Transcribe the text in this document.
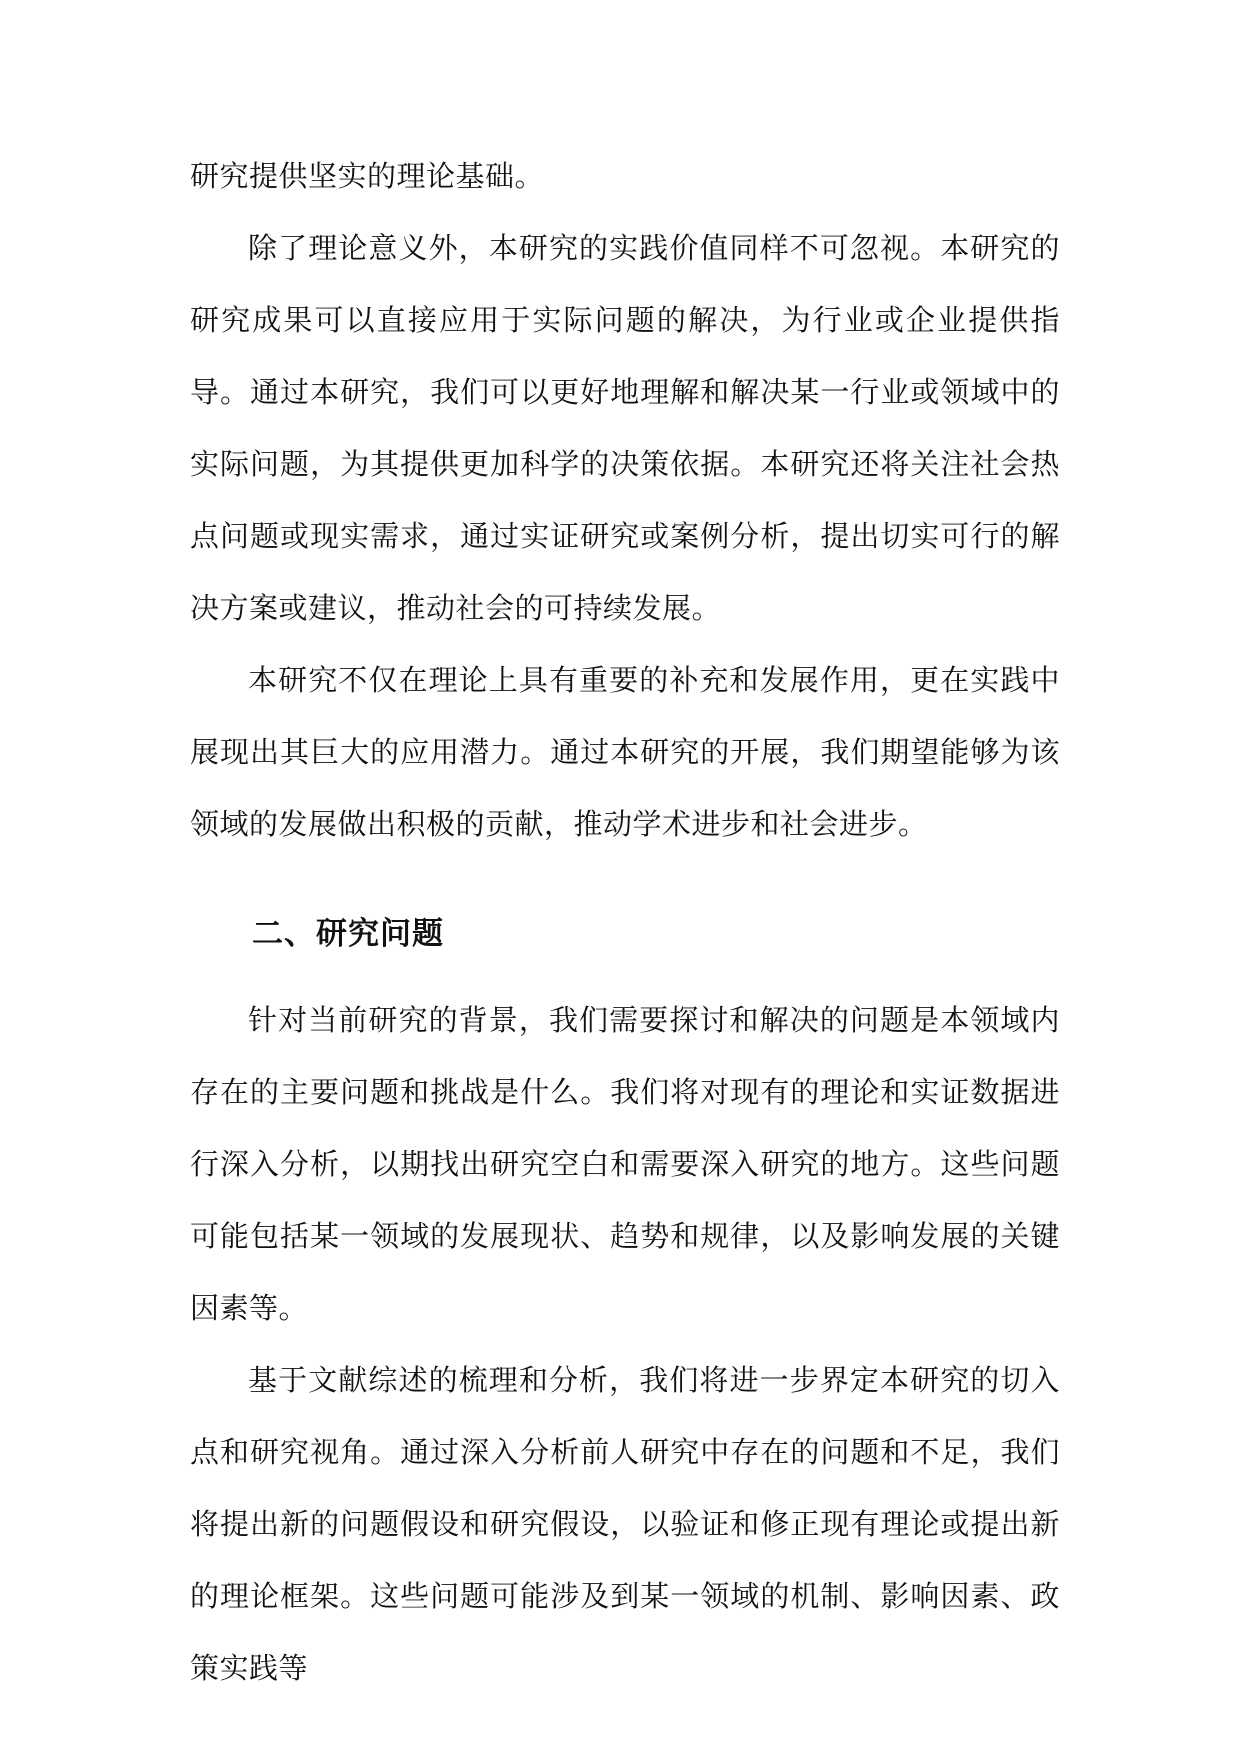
研究提供坚实的理论基础。

除了理论意义外，本研究的实践价值同样不可忽视。本研究的研究成果可以直接应用于实际问题的解决，为行业或企业提供指导。通过本研究，我们可以更好地理解和解决某一行业或领域中的实际问题，为其提供更加科学的决策依据。本研究还将关注社会热点问题或现实需求，通过实证研究或案例分析，提出切实可行的解决方案或建议，推动社会的可持续发展。

本研究不仅在理论上具有重要的补充和发展作用，更在实践中展现出其巨大的应用潜力。通过本研究的开展，我们期望能够为该领域的发展做出积极的贡献，推动学术进步和社会进步。

二、研究问题

针对当前研究的背景，我们需要探讨和解决的问题是本领域内存在的主要问题和挑战是什么。我们将对现有的理论和实证数据进行深入分析，以期找出研究空白和需要深入研究的地方。这些问题可能包括某一领域的发展现状、趋势和规律，以及影响发展的关键因素等。

基于文献综述的梳理和分析，我们将进一步界定本研究的切入点和研究视角。通过深入分析前人研究中存在的问题和不足，我们将提出新的问题假设和研究假设，以验证和修正现有理论或提出新的理论框架。这些问题可能涉及到某一领域的机制、影响因素、政策实践等
